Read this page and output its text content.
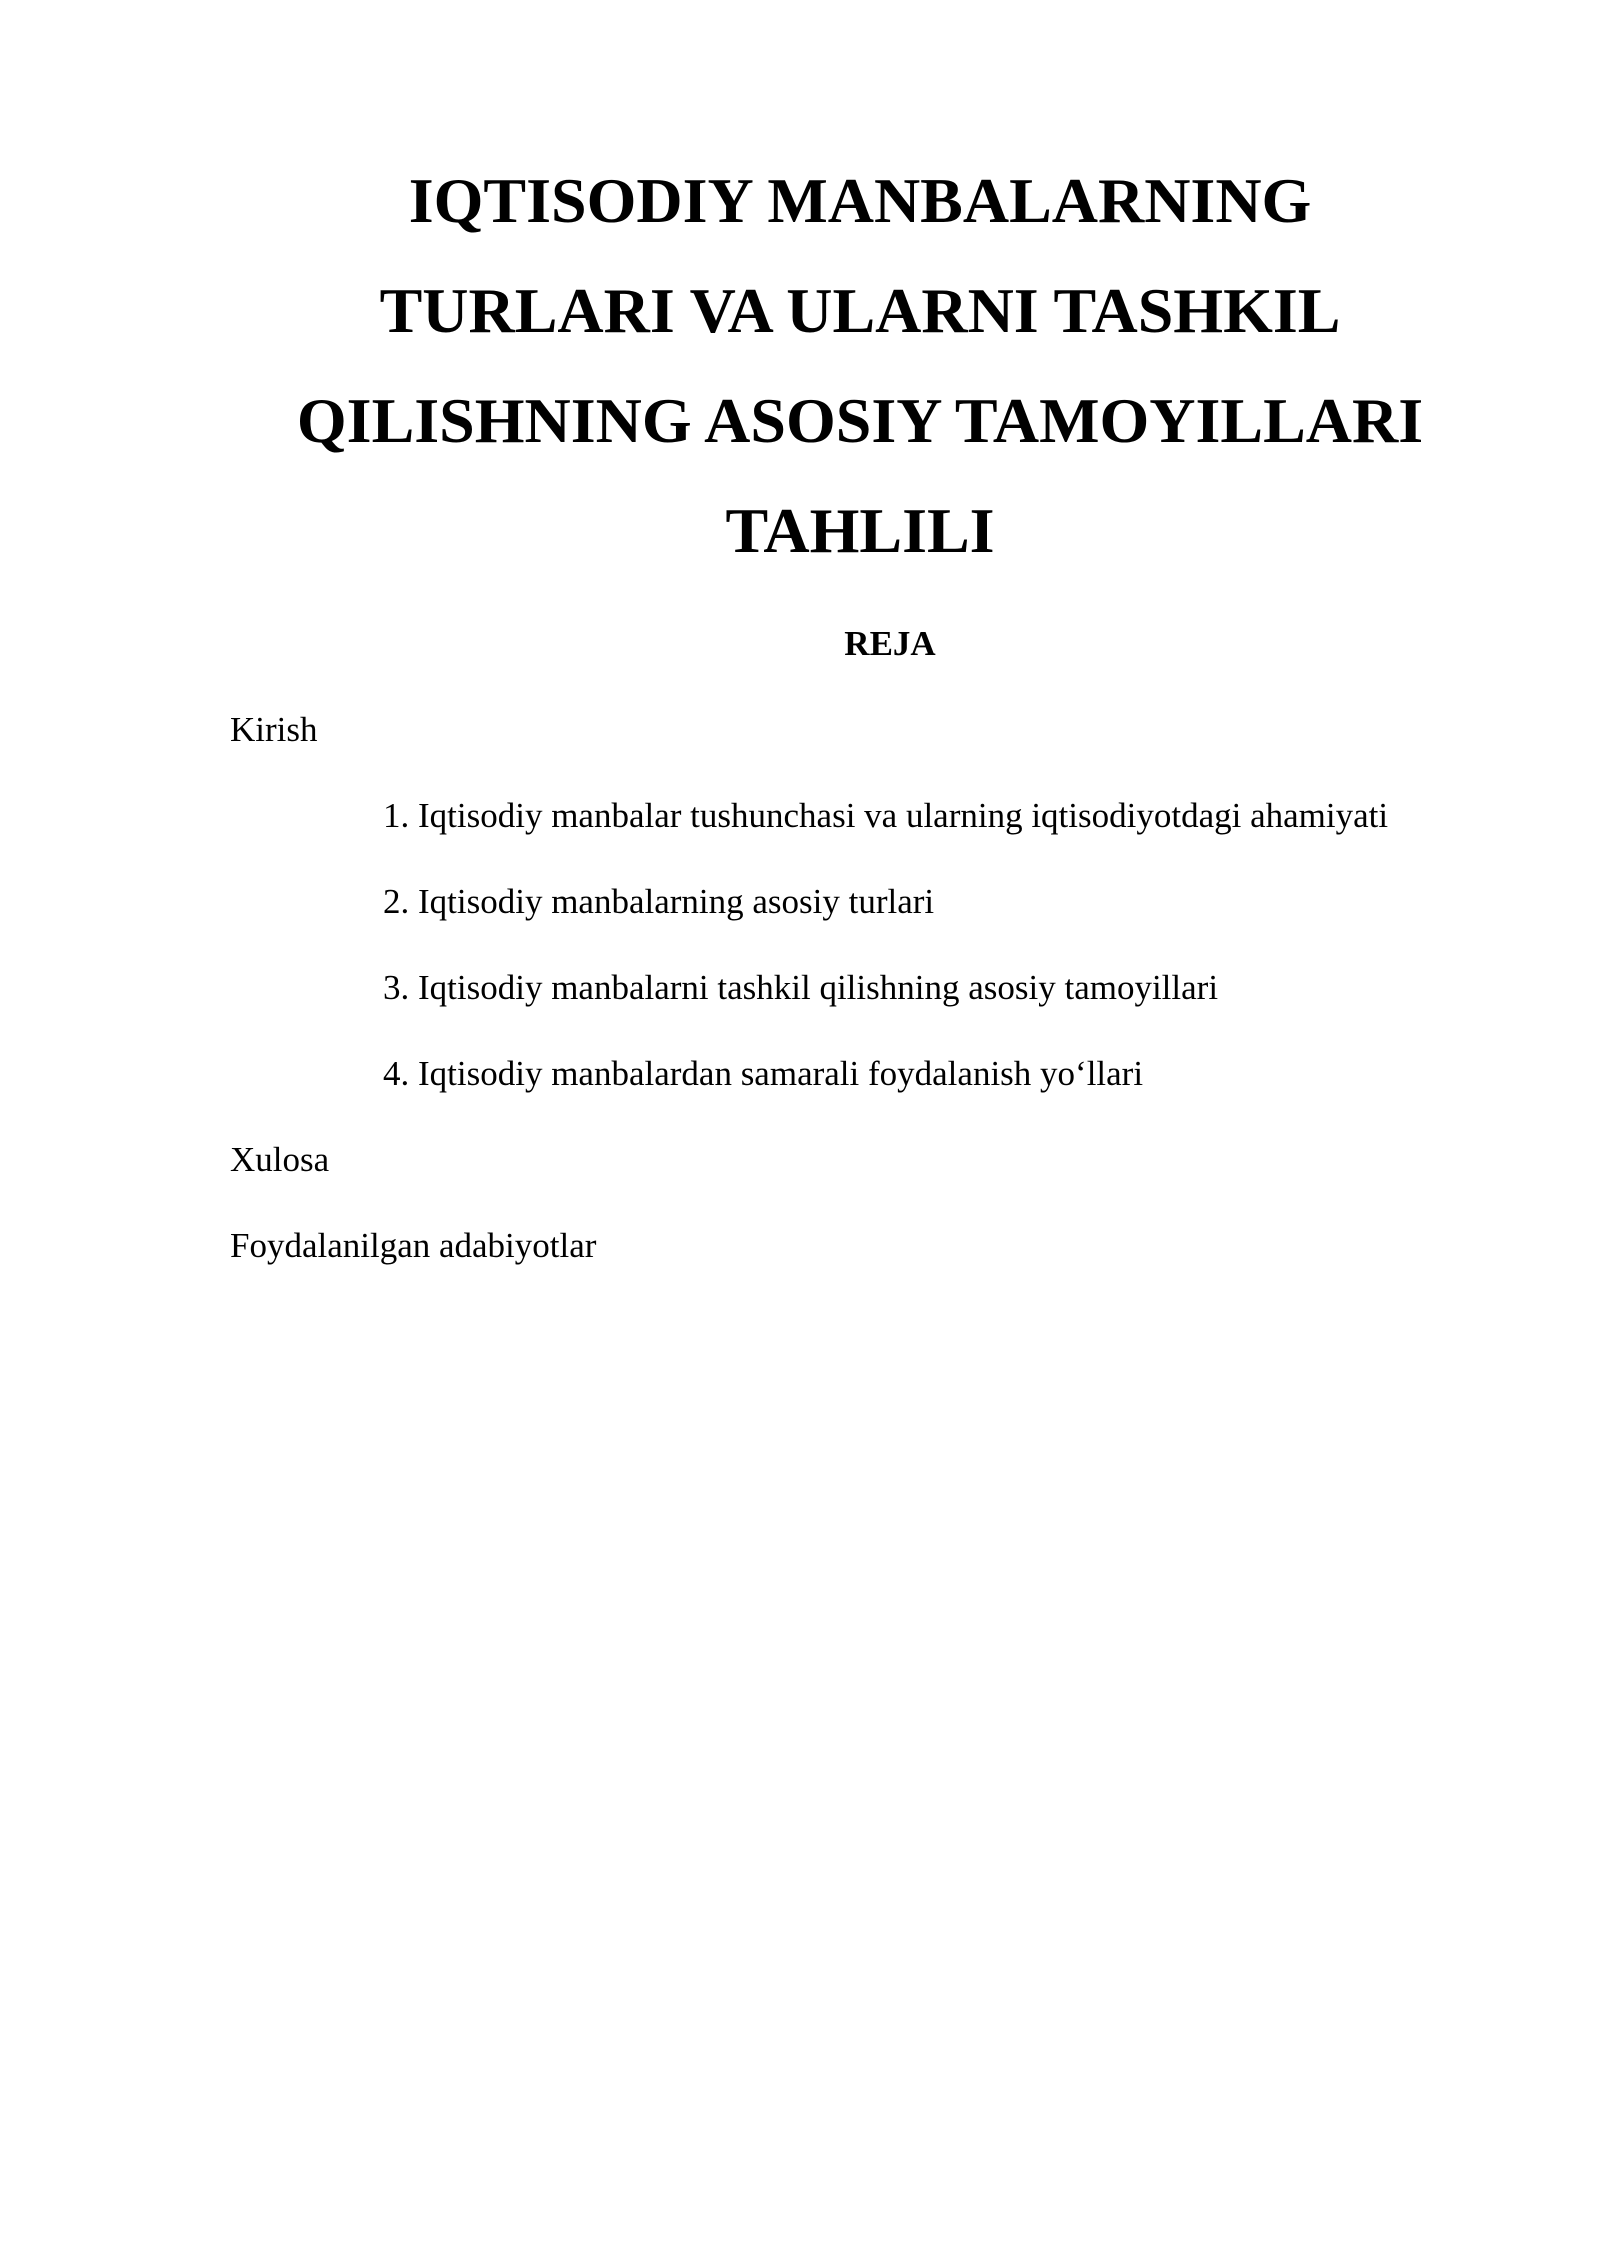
IQTISODIY MANBALARNING
TURLARI VA ULARNI TASHKIL
QILISHNING ASOSIY TAMOYILLARI
TAHLILI

REJA

Kirish

1. Iqtisodiy manbalar tushunchasi va ularning iqtisodiyotdagi ahamiyati

2. Iqtisodiy manbalarning asosiy turlari

3. Iqtisodiy manbalarni tashkil qilishning asosiy tamoyillari

4. Iqtisodiy manbalardan samarali foydalanish yo‘llari

Xulosa

Foydalanilgan adabiyotlar
